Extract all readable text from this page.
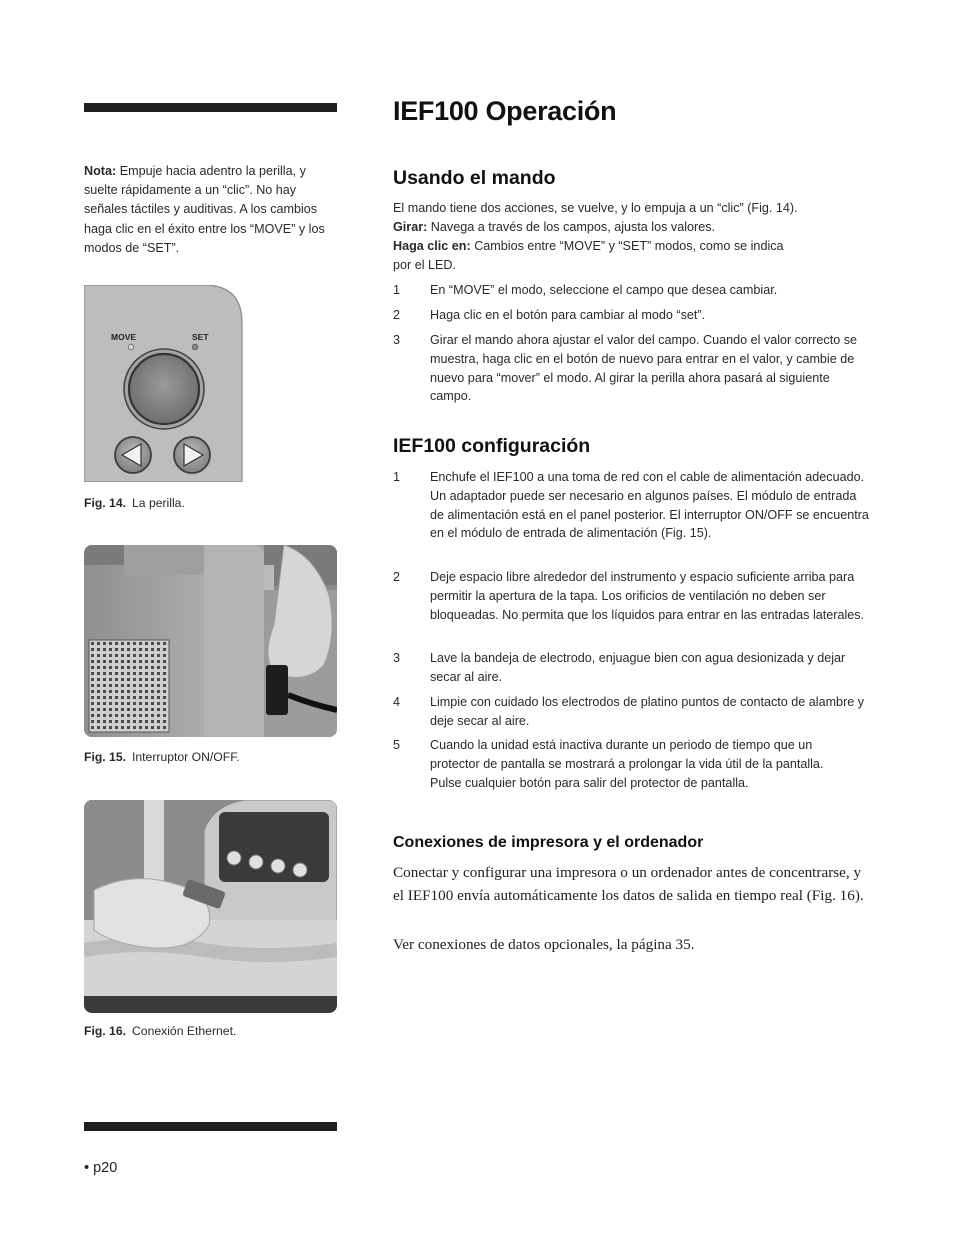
Nota: Empuje hacia adentro la perilla, y suelte rápidamente a un “clic”. No hay señales táctiles y auditivas. A los cambios haga clic en el éxito entre los “MOVE” y los modos de “SET”.
MOVE	SET
Fig. 14. La perilla.
Fig. 15. Interruptor ON/OFF.
Fig. 16. Conexión Ethernet.
• p20
IEF100 Operación
Usando el mando
El mando tiene dos acciones, se vuelve, y lo empuja a un “clic” (Fig. 14).
Girar: Navega a través de los campos, ajusta los valores.
Haga clic en: Cambios entre “MOVE” y “SET” modos, como se indica
por el LED.
1 En “MOVE” el modo, seleccione el campo que desea cambiar.
2 Haga clic en el botón para cambiar al modo “set”.
3 Girar el mando ahora ajustar el valor del campo. Cuando el valor correcto se muestra, haga clic en el botón de nuevo para entrar en el valor, y cambie de nuevo para “mover” el modo. Al girar la perilla ahora pasará al siguiente campo.
IEF100 configuración
1 Enchufe el IEF100 a una toma de red con el cable de alimentación adecuado. Un adaptador puede ser necesario en algunos países. El módulo de entrada de alimentación está en el panel posterior. El interruptor ON/OFF se encuentra en el módulo de entrada de alimentación (Fig. 15).
2 Deje espacio libre alrededor del instrumento y espacio suficiente arriba para permitir la apertura de la tapa. Los orificios de ventilación no deben ser bloqueadas. No permita que los líquidos para entrar en las entradas laterales.
3 Lave la bandeja de electrodo, enjuague bien con agua desionizada y dejar secar al aire.
4 Limpie con cuidado los electrodos de platino puntos de contacto de alambre y deje secar al aire.
5 Cuando la unidad está inactiva durante un periodo de tiempo que un protector de pantalla se mostrará a prolongar la vida útil de la pantalla. Pulse cualquier botón para salir del protector de pantalla.
Conexiones de impresora y el ordenador
Conectar y configurar una impresora o un ordenador antes de concentrarse, y el IEF100 envía automáticamente los datos de salida en tiempo real (Fig. 16).
Ver conexiones de datos opcionales, la página 35.
